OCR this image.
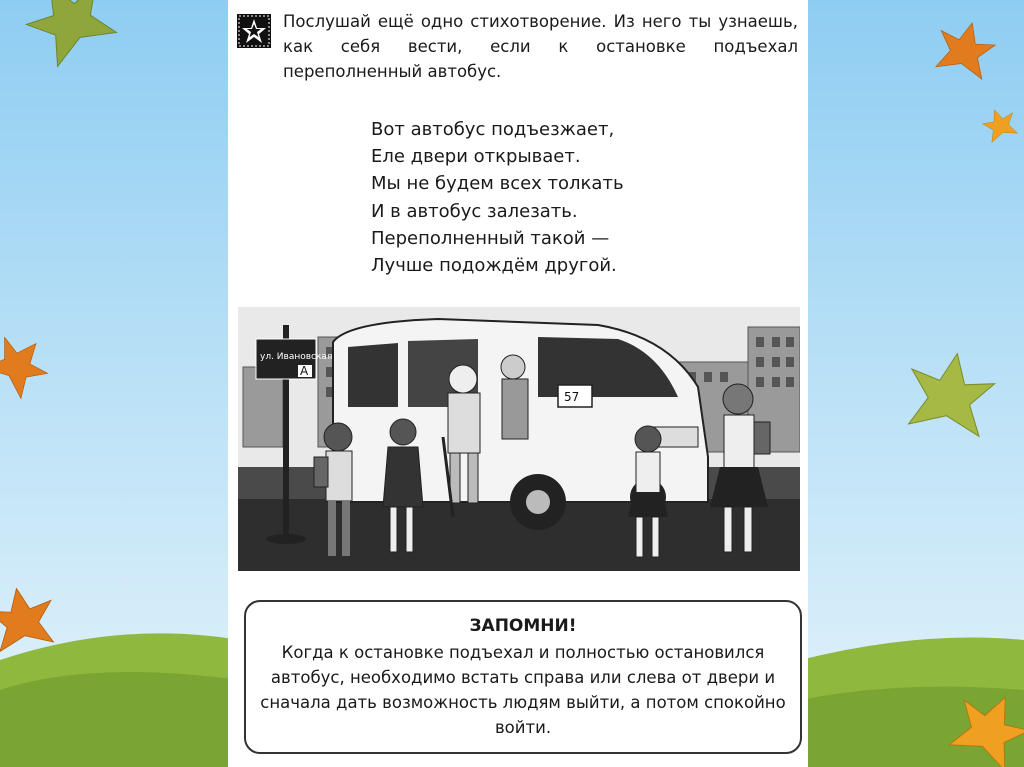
Послушай ещё одно стихотворение. Из него ты узнаешь, как себя вести, если к остановке подъехал переполненный автобус.

Вот автобус подъезжает,
Еле двери открывает.
Мы не будем всех толкать
И в автобус залезать.
Переполненный такой —
Лучше подождём другой.
ул. Ивановская
А
57
ЗАПОМНИ!
Когда к остановке подъехал и полностью остановился автобус, необходимо встать справа или слева от двери и сначала дать возможность людям выйти, а потом спокойно войти.
